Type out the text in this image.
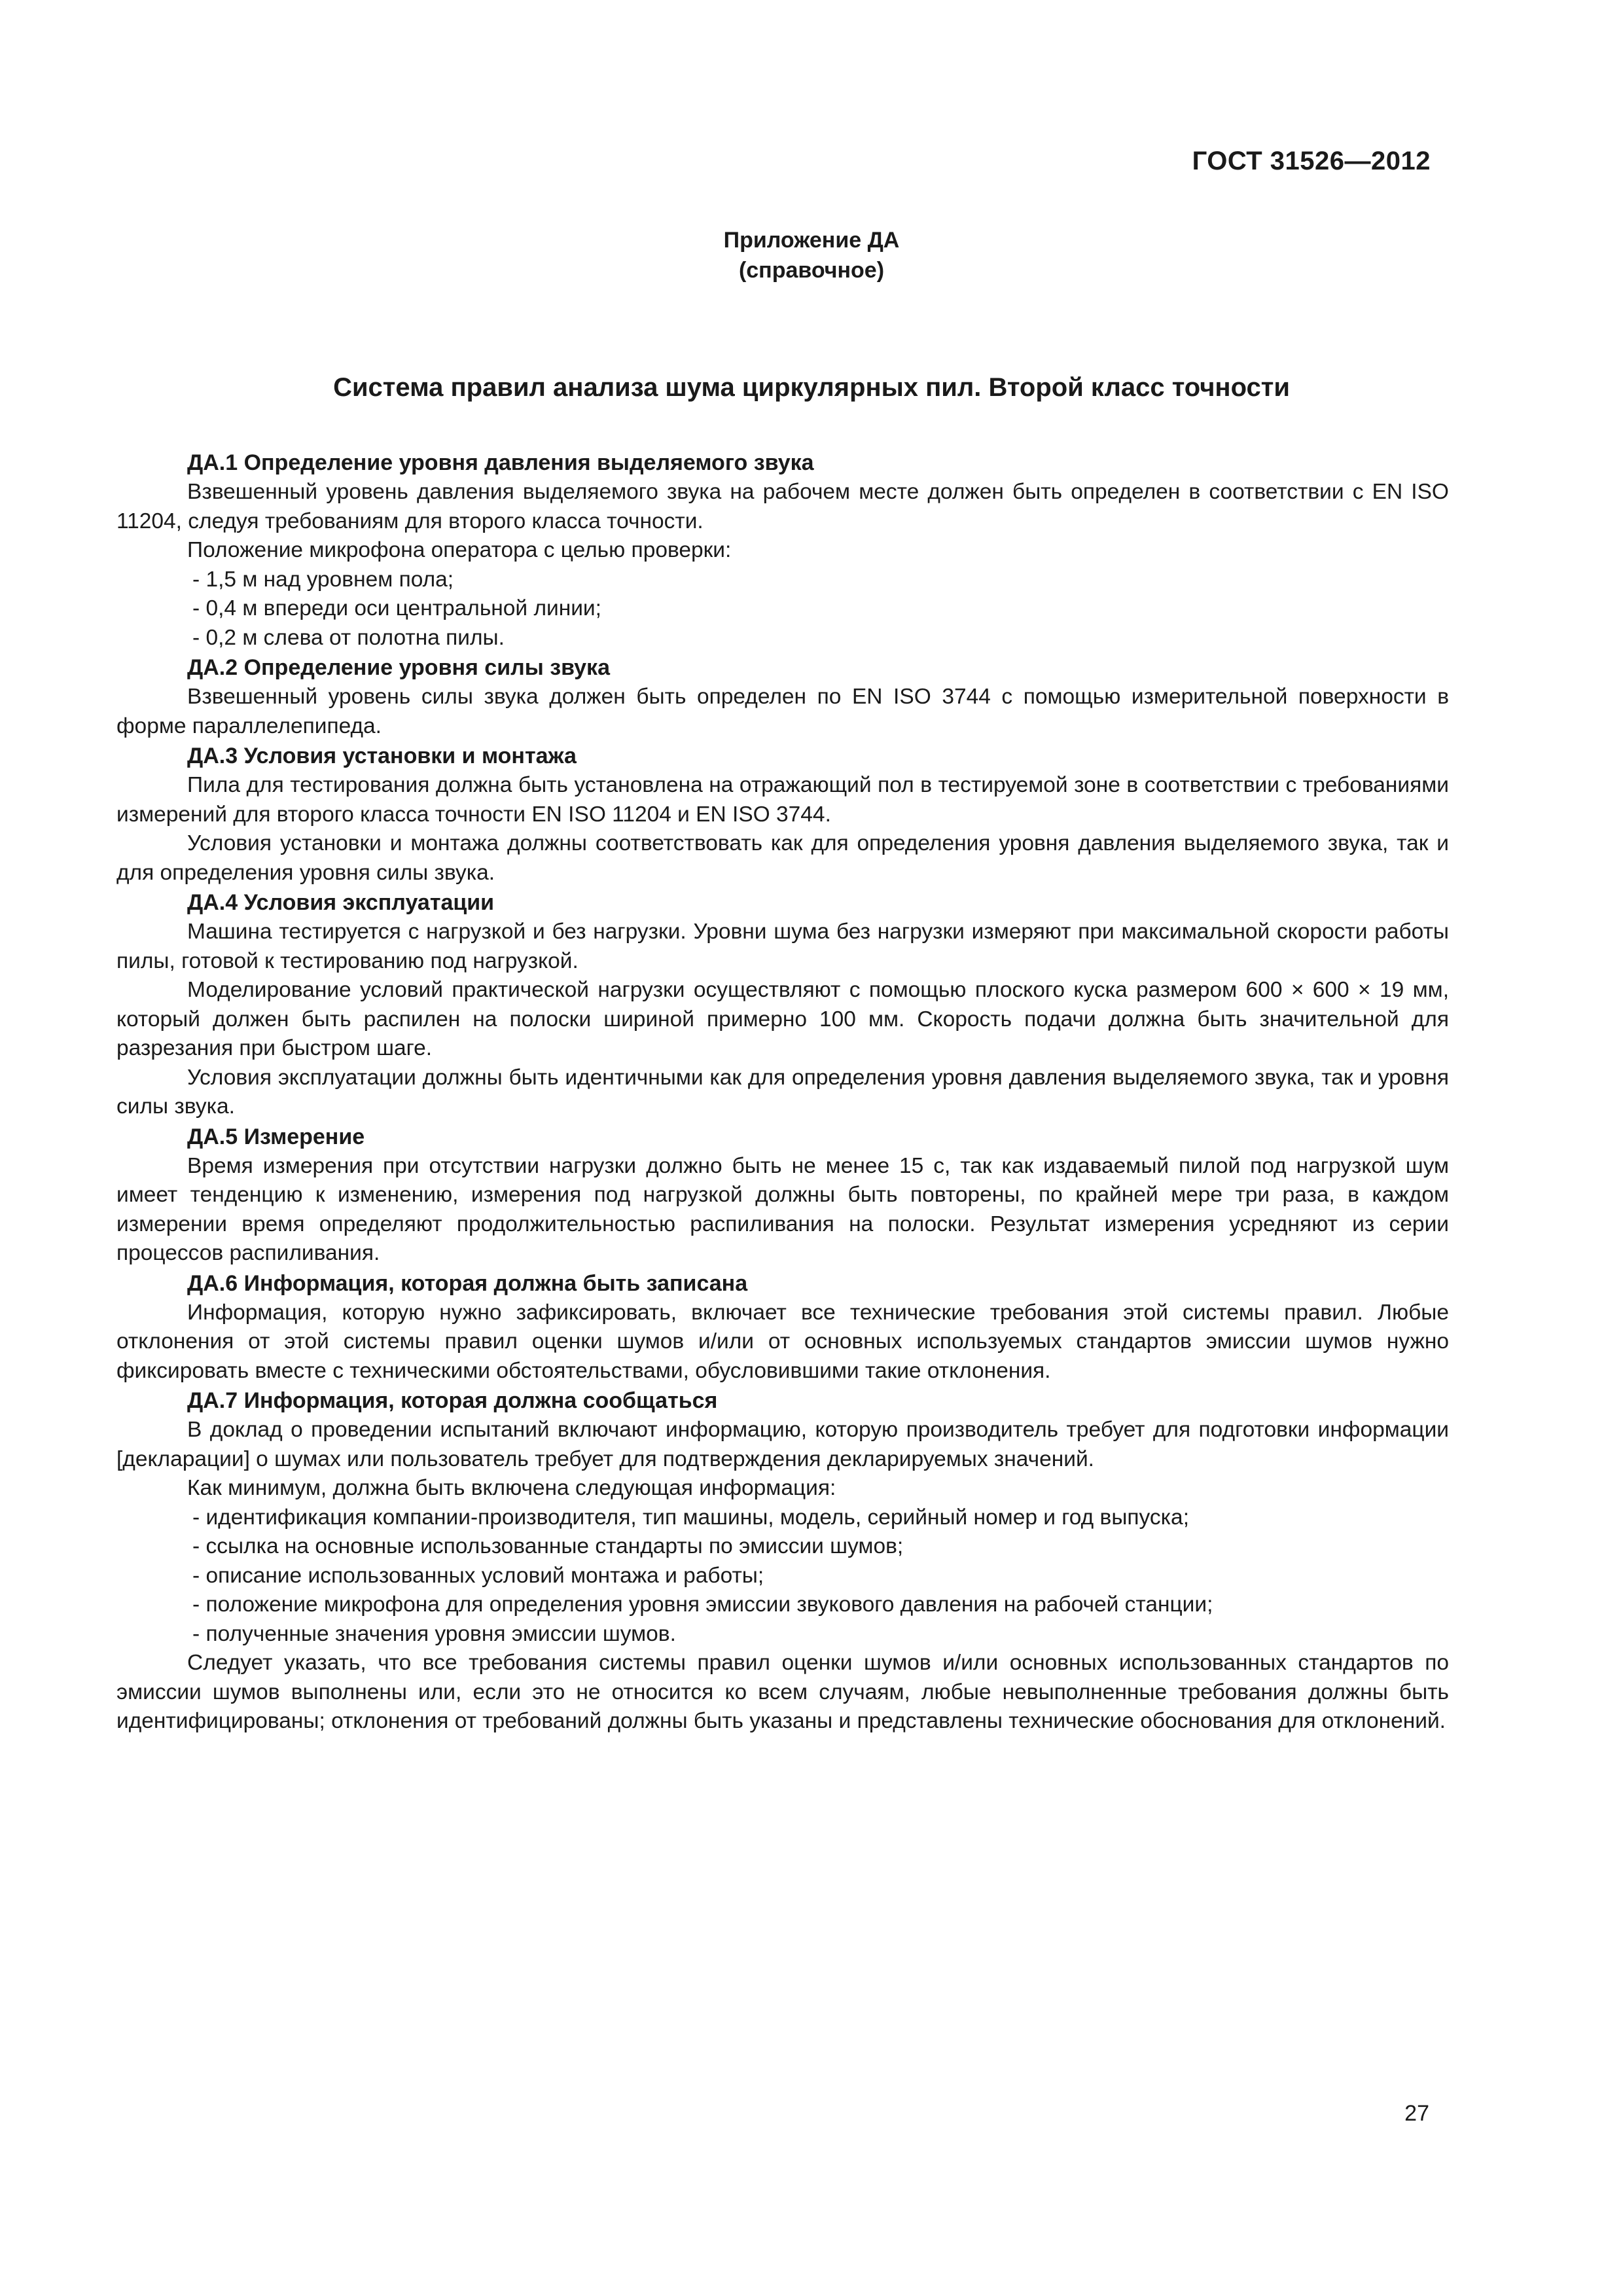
ГОСТ 31526—2012
Приложение ДА
(справочное)
Система правил анализа шума циркулярных пил. Второй класс точности
ДА.1 Определение уровня давления выделяемого звука

Взвешенный уровень давления выделяемого звука на рабочем месте должен быть определен в соответствии с EN ISO 11204, следуя требованиям для второго класса точности.

Положение микрофона оператора с целью проверки:

- 1,5 м над уровнем пола;
- 0,4 м впереди оси центральной линии;
- 0,2 м слева от полотна пилы.
ДА.2 Определение уровня силы звука

Взвешенный уровень силы звука должен быть определен по EN ISO 3744 с помощью измерительной поверхности в форме параллелепипеда.

ДА.3 Условия установки и монтажа

Пила для тестирования должна быть установлена на отражающий пол в тестируемой зоне в соответствии с требованиями измерений для второго класса точности EN ISO 11204 и EN ISO 3744.

Условия установки и монтажа должны соответствовать как для определения уровня давления выделяемого звука, так и для определения уровня силы звука.

ДА.4 Условия эксплуатации

Машина тестируется с нагрузкой и без нагрузки. Уровни шума без нагрузки измеряют при максимальной скорости работы пилы, готовой к тестированию под нагрузкой.

Моделирование условий практической нагрузки осуществляют с помощью плоского куска размером 600 × 600 × 19 мм, который должен быть распилен на полоски шириной примерно 100 мм. Скорость подачи должна быть значительной для разрезания при быстром шаге.

Условия эксплуатации должны быть идентичными как для определения уровня давления выделяемого звука, так и уровня силы звука.

ДА.5 Измерение

Время измерения при отсутствии нагрузки должно быть не менее 15 с, так как издаваемый пилой под нагрузкой шум имеет тенденцию к изменению, измерения под нагрузкой должны быть повторены, по крайней мере три раза, в каждом измерении время определяют продолжительностью распиливания на полоски. Результат измерения усредняют из серии процессов распиливания.

ДА.6 Информация, которая должна быть записана

Информация, которую нужно зафиксировать, включает все технические требования этой системы правил. Любые отклонения от этой системы правил оценки шумов и/или от основных используемых стандартов эмиссии шумов нужно фиксировать вместе с техническими обстоятельствами, обусловившими такие отклонения.

ДА.7 Информация, которая должна сообщаться

В доклад о проведении испытаний включают информацию, которую производитель требует для подготовки информации [декларации] о шумах или пользователь требует для подтверждения декларируемых значений.

Как минимум, должна быть включена следующая информация:

- идентификация компании-производителя, тип машины, модель, серийный номер и год выпуска;
- ссылка на основные использованные стандарты по эмиссии шумов;
- описание использованных условий монтажа и работы;
- положение микрофона для определения уровня эмиссии звукового давления на рабочей станции;
- полученные значения уровня эмиссии шумов.

Следует указать, что все требования системы правил оценки шумов и/или основных использованных стандартов по эмиссии шумов выполнены или, если это не относится ко всем случаям, любые невыполненные требования должны быть идентифицированы; отклонения от требований должны быть указаны и представлены технические обоснования для отклонений.

27
